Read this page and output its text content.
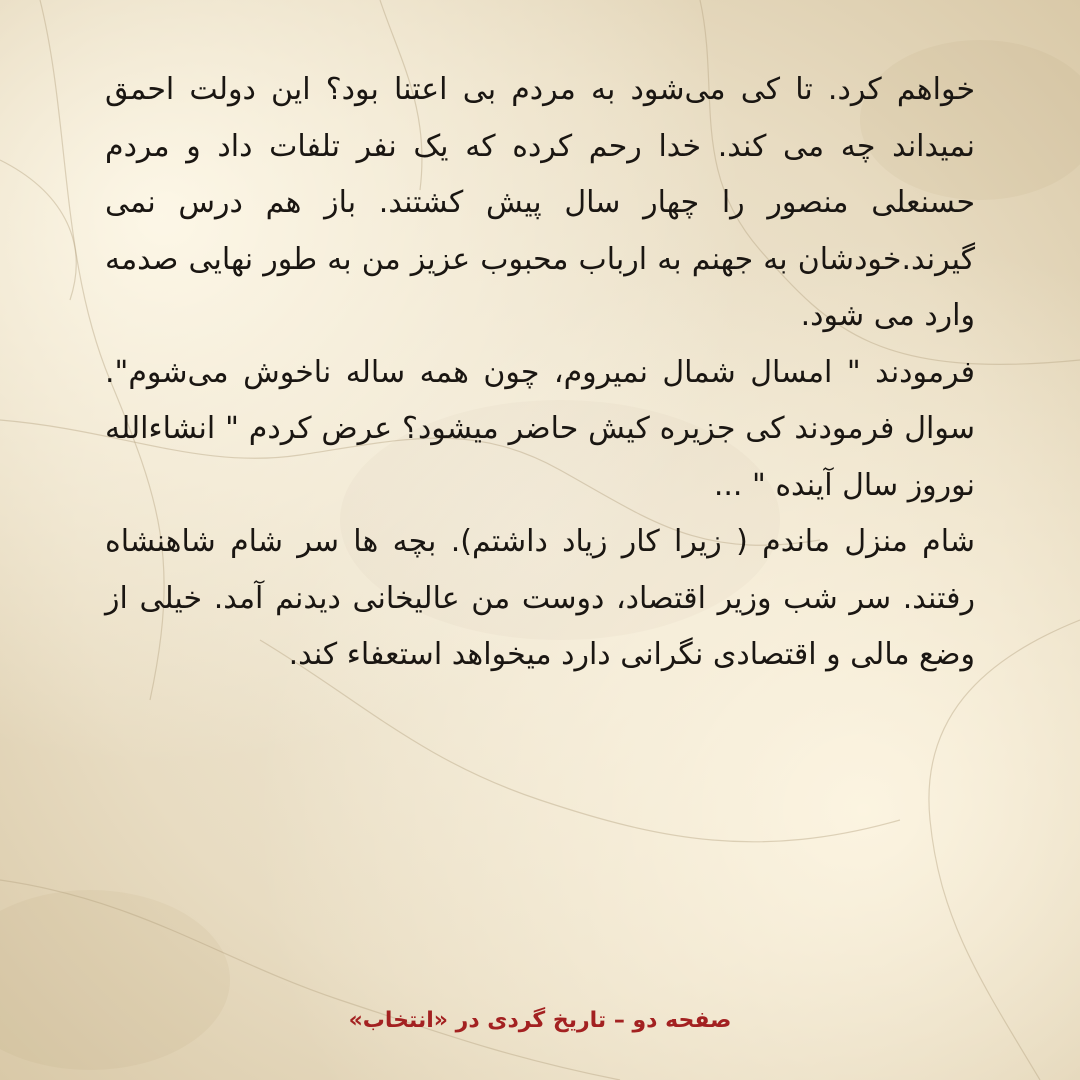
خواهم کرد. تا کی می‌شود به مردم بی اعتنا بود؟ این دولت احمق نمیداند چه می کند. خدا رحم کرده که یک نفر تلفات داد و مردم حسنعلی منصور را چهار سال پیش کشتند. باز هم درس نمی گیرند.خودشان به جهنم به ارباب محبوب عزیز من به طور نهایی صدمه وارد می شود.

فرمودند " امسال شمال نمیروم، چون همه ساله ناخوش می‌شوم". سوال فرمودند کی جزیره کیش حاضر میشود؟ عرض کردم " انشاءالله نوروز سال آینده " ...

شام منزل ماندم ( زیرا کار زیاد داشتم). بچه ها سر شام شاهنشاه رفتند. سر شب وزیر اقتصاد، دوست من عالیخانی دیدنم آمد. خیلی از وضع مالی و اقتصادی نگرانی دارد میخواهد استعفاء کند.

صفحه دو – تاریخ گردی در «انتخاب»
